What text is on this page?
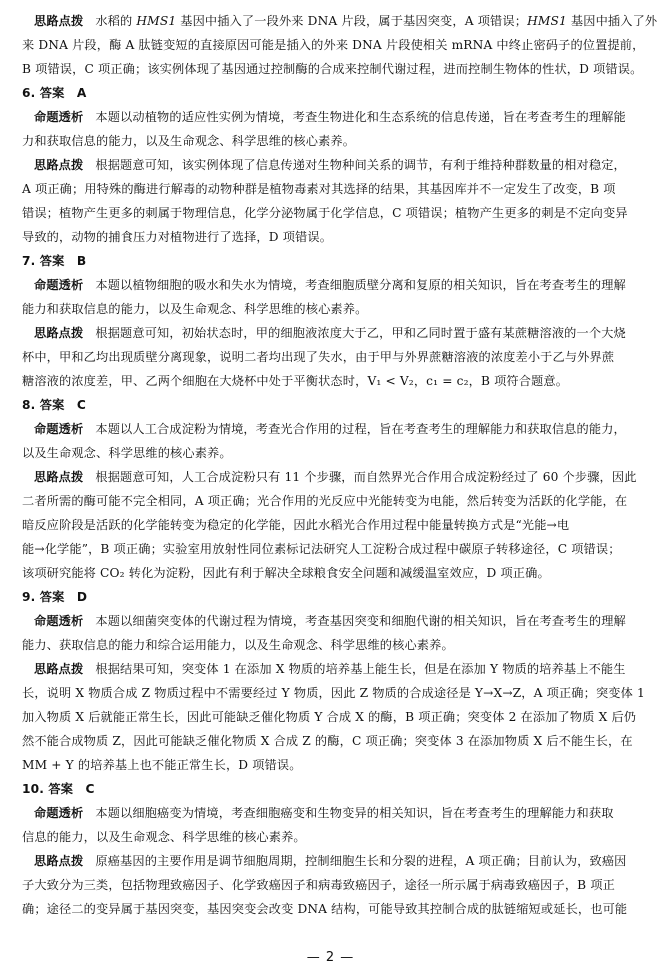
思路点拨 水稻的 HMS1 基因中插入了一段外来 DNA 片段，属于基因突变，A 项错误；HMS1 基因中插入了外
来 DNA 片段，酶 A 肽链变短的直接原因可能是插入的外来 DNA 片段使相关 mRNA 中终止密码子的位置提前，
B 项错误，C 项正确；该实例体现了基因通过控制酶的合成来控制代谢过程，进而控制生物体的性状，D 项错误。
6. 答案　A
命题透析 本题以动植物的适应性实例为情境，考查生物进化和生态系统的信息传递，旨在考查考生的理解能
力和获取信息的能力，以及生命观念、科学思维的核心素养。
思路点拨 根据题意可知，该实例体现了信息传递对生物种间关系的调节，有利于维持种群数量的相对稳定，
A 项正确；用特殊的酶进行解毒的动物种群是植物毒素对其选择的结果，其基因库并不一定发生了改变，B 项
错误；植物产生更多的刺属于物理信息，化学分泌物属于化学信息，C 项错误；植物产生更多的刺是不定向变异
导致的，动物的捕食压力对植物进行了选择，D 项错误。
7. 答案　B
命题透析 本题以植物细胞的吸水和失水为情境，考查细胞质壁分离和复原的相关知识，旨在考查考生的理解
能力和获取信息的能力，以及生命观念、科学思维的核心素养。
思路点拨 根据题意可知，初始状态时，甲的细胞液浓度大于乙，甲和乙同时置于盛有某蔗糖溶液的一个大烧
杯中，甲和乙均出现质壁分离现象，说明二者均出现了失水，由于甲与外界蔗糖溶液的浓度差小于乙与外界蔗
糖溶液的浓度差，甲、乙两个细胞在大烧杯中处于平衡状态时，V₁ < V₂，c₁ = c₂，B 项符合题意。
8. 答案　C
命题透析 本题以人工合成淀粉为情境，考查光合作用的过程，旨在考查考生的理解能力和获取信息的能力，
以及生命观念、科学思维的核心素养。
思路点拨 根据题意可知，人工合成淀粉只有 11 个步骤，而自然界光合作用合成淀粉经过了 60 个步骤，因此
二者所需的酶可能不完全相同，A 项正确；光合作用的光反应中光能转变为电能，然后转变为活跃的化学能，在
暗反应阶段是活跃的化学能转变为稳定的化学能，因此水稻光合作用过程中能量转换方式是“光能→电
能→化学能”，B 项正确；实验室用放射性同位素标记法研究人工淀粉合成过程中碳原子转移途径，C 项错误；
该项研究能将 CO₂ 转化为淀粉，因此有利于解决全球粮食安全问题和减缓温室效应，D 项正确。
9. 答案　D
命题透析 本题以细菌突变体的代谢过程为情境，考查基因突变和细胞代谢的相关知识，旨在考查考生的理解
能力、获取信息的能力和综合运用能力，以及生命观念、科学思维的核心素养。
思路点拨 根据结果可知，突变体 1 在添加 X 物质的培养基上能生长，但是在添加 Y 物质的培养基上不能生
长，说明 X 物质合成 Z 物质过程中不需要经过 Y 物质，因此 Z 物质的合成途径是 Y→X→Z，A 项正确；突变体 1
加入物质 X 后就能正常生长，因此可能缺乏催化物质 Y 合成 X 的酶，B 项正确；突变体 2 在添加了物质 X 后仍
然不能合成物质 Z，因此可能缺乏催化物质 X 合成 Z 的酶，C 项正确；突变体 3 在添加物质 X 后不能生长，在
MM + Y 的培养基上也不能正常生长，D 项错误。
10. 答案　C
命题透析 本题以细胞癌变为情境，考查细胞癌变和生物变异的相关知识，旨在考查考生的理解能力和获取
信息的能力，以及生命观念、科学思维的核心素养。
思路点拨 原癌基因的主要作用是调节细胞周期，控制细胞生长和分裂的进程，A 项正确；目前认为，致癌因
子大致分为三类，包括物理致癌因子、化学致癌因子和病毒致癌因子，途径一所示属于病毒致癌因子，B 项正
确；途径二的变异属于基因突变，基因突变会改变 DNA 结构，可能导致其控制合成的肽链缩短或延长，也可能
— 2 —
